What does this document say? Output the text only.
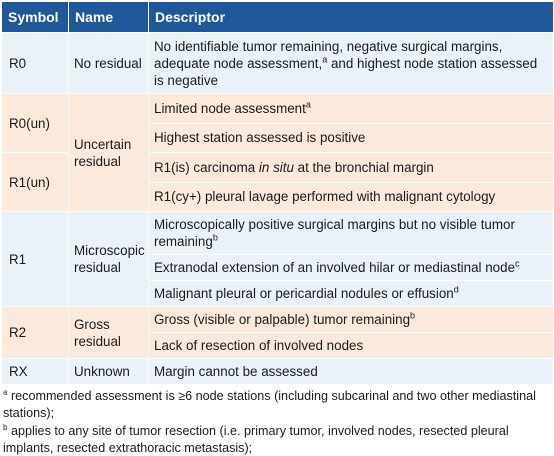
Symbol	Name	Descriptor
R0	No residual	No identifiable tumor remaining, negative surgical margins, adequate node assessment,$^a$ and highest node station assessed is negative
R0(un)	Uncertain residual	Limited node assessment$^a$
		Highest station assessed is positive
R1(un)		R1(is) carcinoma in situ at the bronchial margin
		R1(cy+) pleural lavage performed with malignant cytology
R1	Microscopic residual	Microscopically positive surgical margins but no visible tumor remaining$^b$
		Extranodal extension of an involved hilar or mediastinal node$^c$
		Malignant pleural or pericardial nodules or effusion$^d$
R2	Gross residual	Gross (visible or palpable) tumor remaining$^b$
		Lack of resection of involved nodes
RX	Unknown	Margin cannot be assessed

$^a$ recommended assessment is ≥6 node stations (including subcarinal and two other mediastinal stations);

$^b$ applies to any site of tumor resection (i.e. primary tumor, involved nodes, resected pleural implants, resected extrathoracic metastasis);
